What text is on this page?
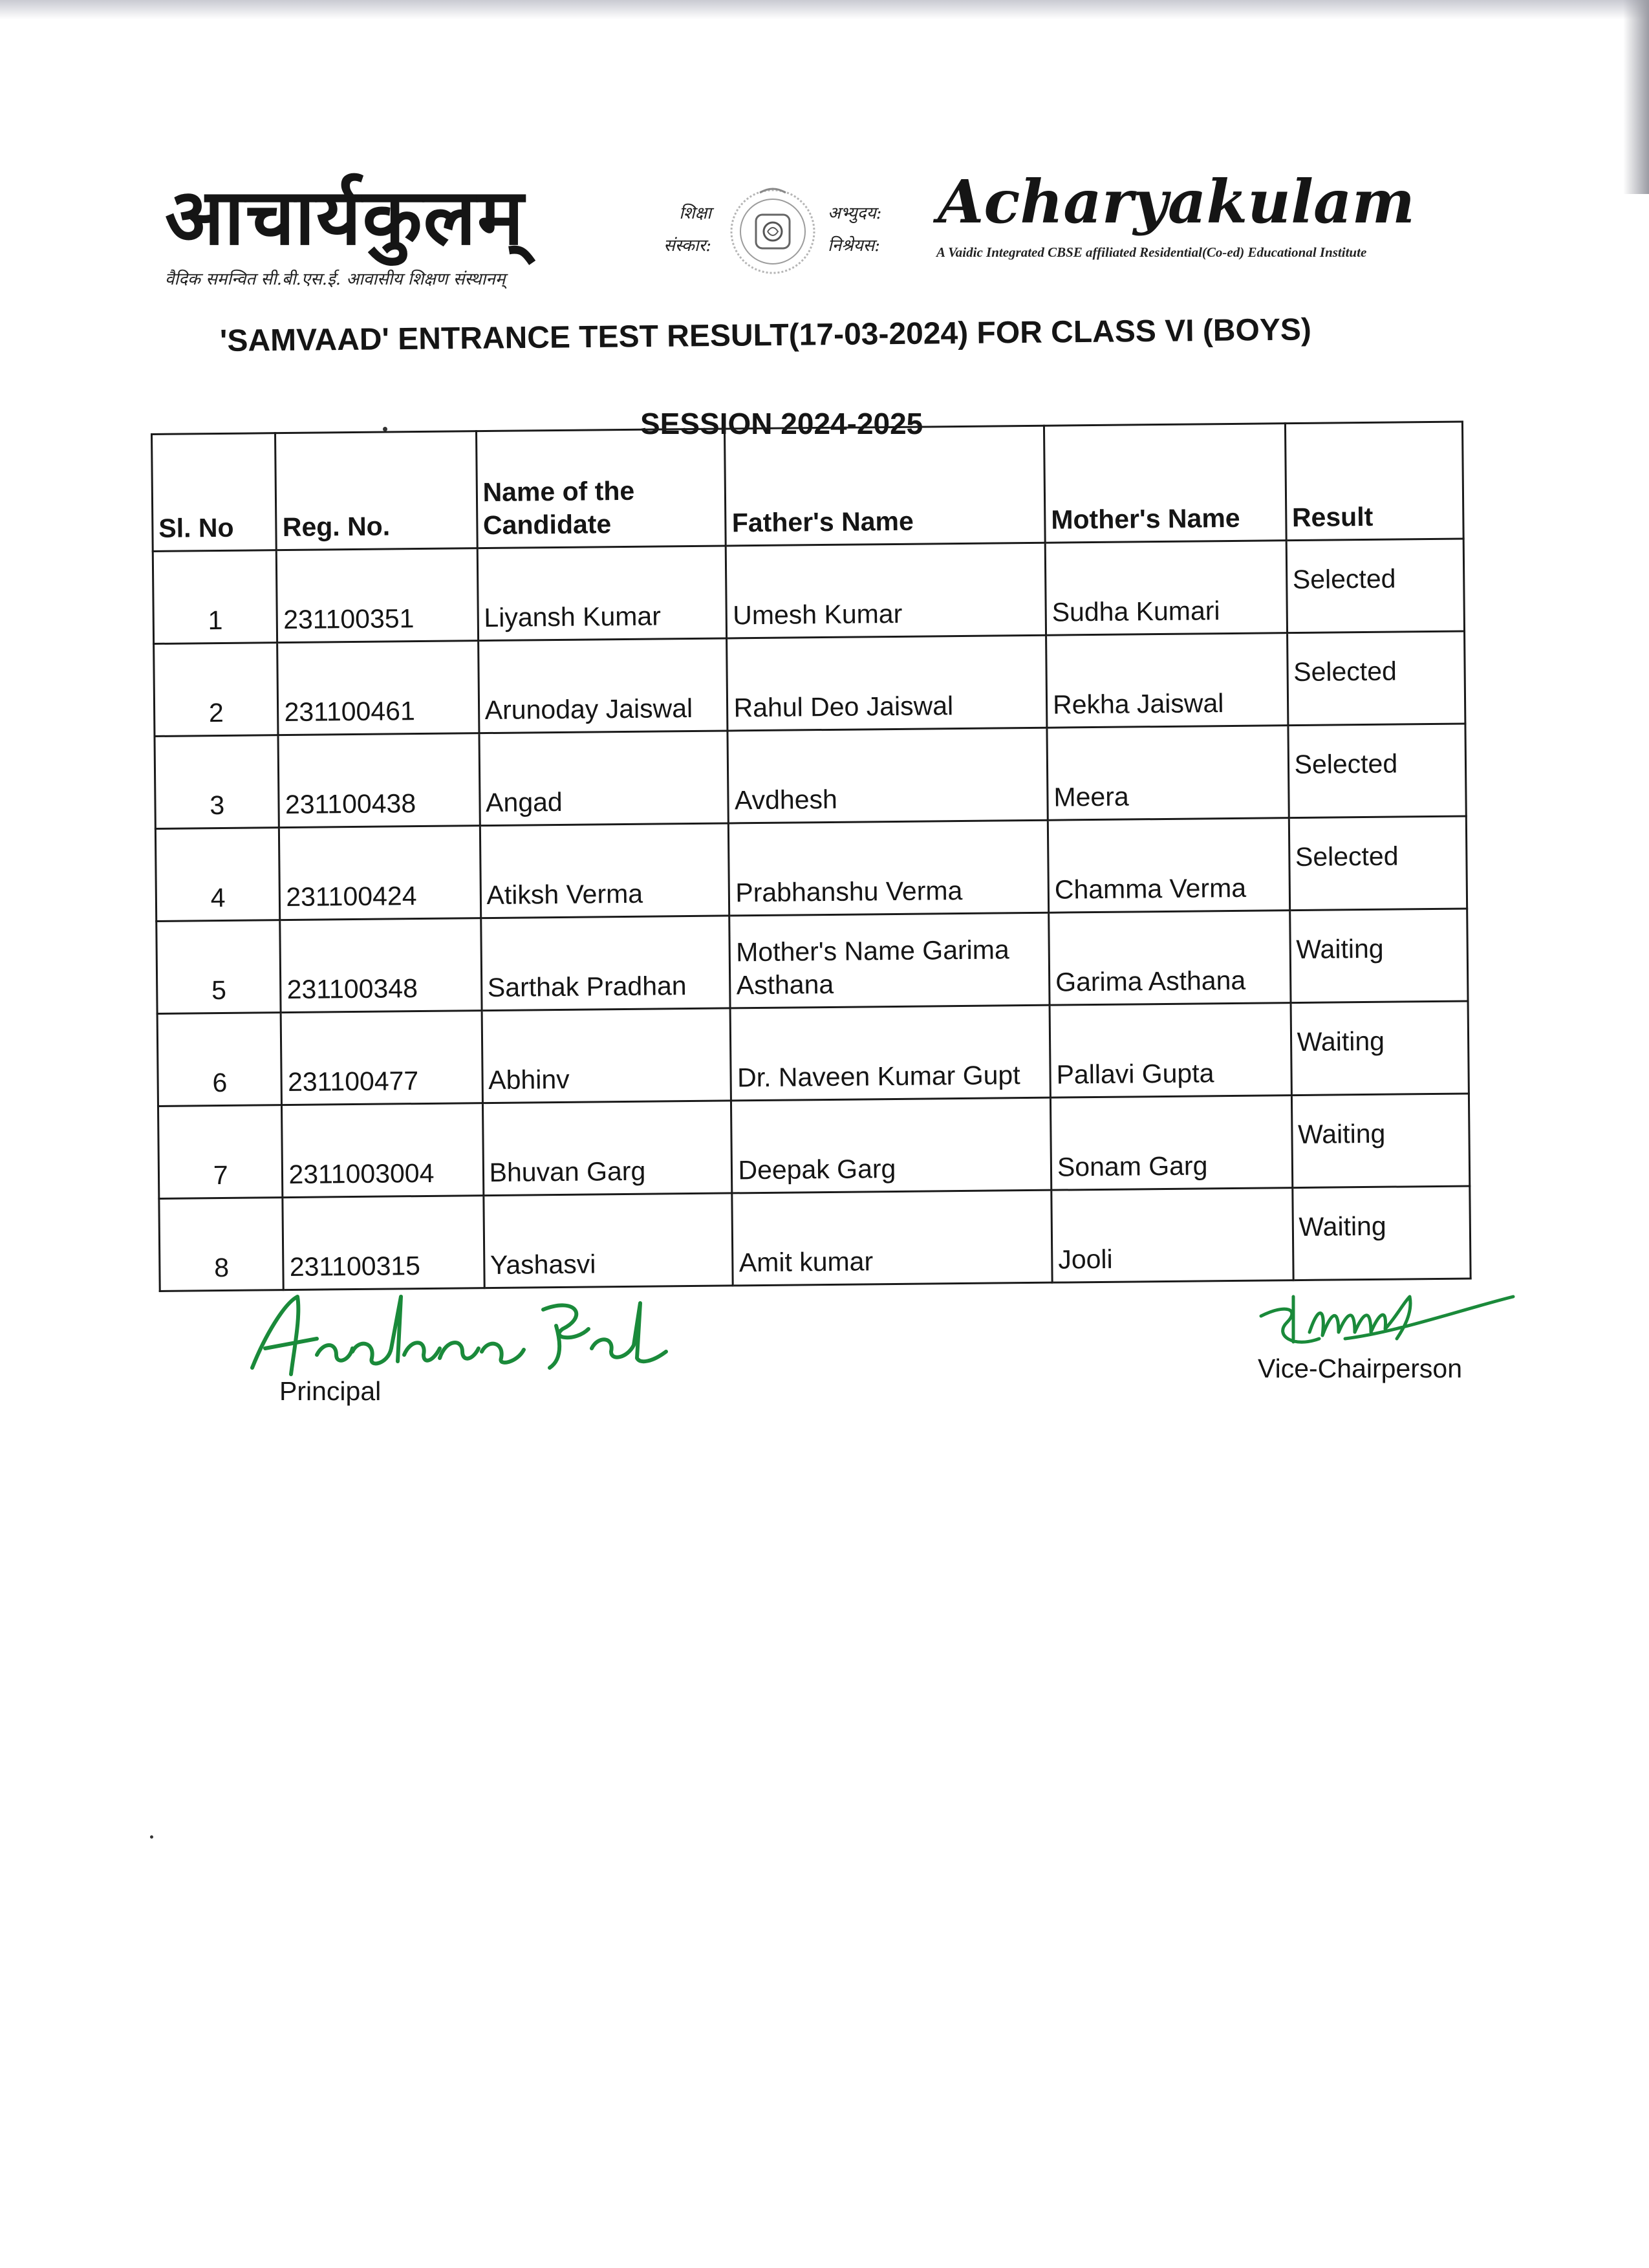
आचार्यकुलम्
वैदिक समन्वित सी.बी.एस.ई. आवासीय शिक्षण संस्थानम्
शिक्षा
संस्कार:
अभ्युदय:
निश्रेयस:
Acharyakulam
A Vaidic Integrated CBSE affiliated Residential(Co-ed) Educational Institute
'SAMVAAD' ENTRANCE TEST RESULT(17-03-2024) FOR CLASS VI (BOYS)
SESSION 2024-2025
Sl. No	Reg. No.	Name of the Candidate	Father's Name	Mother's Name	Result
1	231100351	Liyansh Kumar	Umesh Kumar	Sudha Kumari	Selected
2	231100461	Arunoday Jaiswal	Rahul Deo Jaiswal	Rekha Jaiswal	Selected
3	231100438	Angad	Avdhesh	Meera	Selected
4	231100424	Atiksh Verma	Prabhanshu Verma	Chamma Verma	Selected
5	231100348	Sarthak Pradhan	Mother's Name Garima Asthana	Garima Asthana	Waiting
6	231100477	Abhinv	Dr. Naveen Kumar Gupt	Pallavi Gupta	Waiting
7	2311003004	Bhuvan Garg	Deepak Garg	Sonam Garg	Waiting
8	231100315	Yashasvi	Amit kumar	Jooli	Waiting
Principal
Vice-Chairperson
